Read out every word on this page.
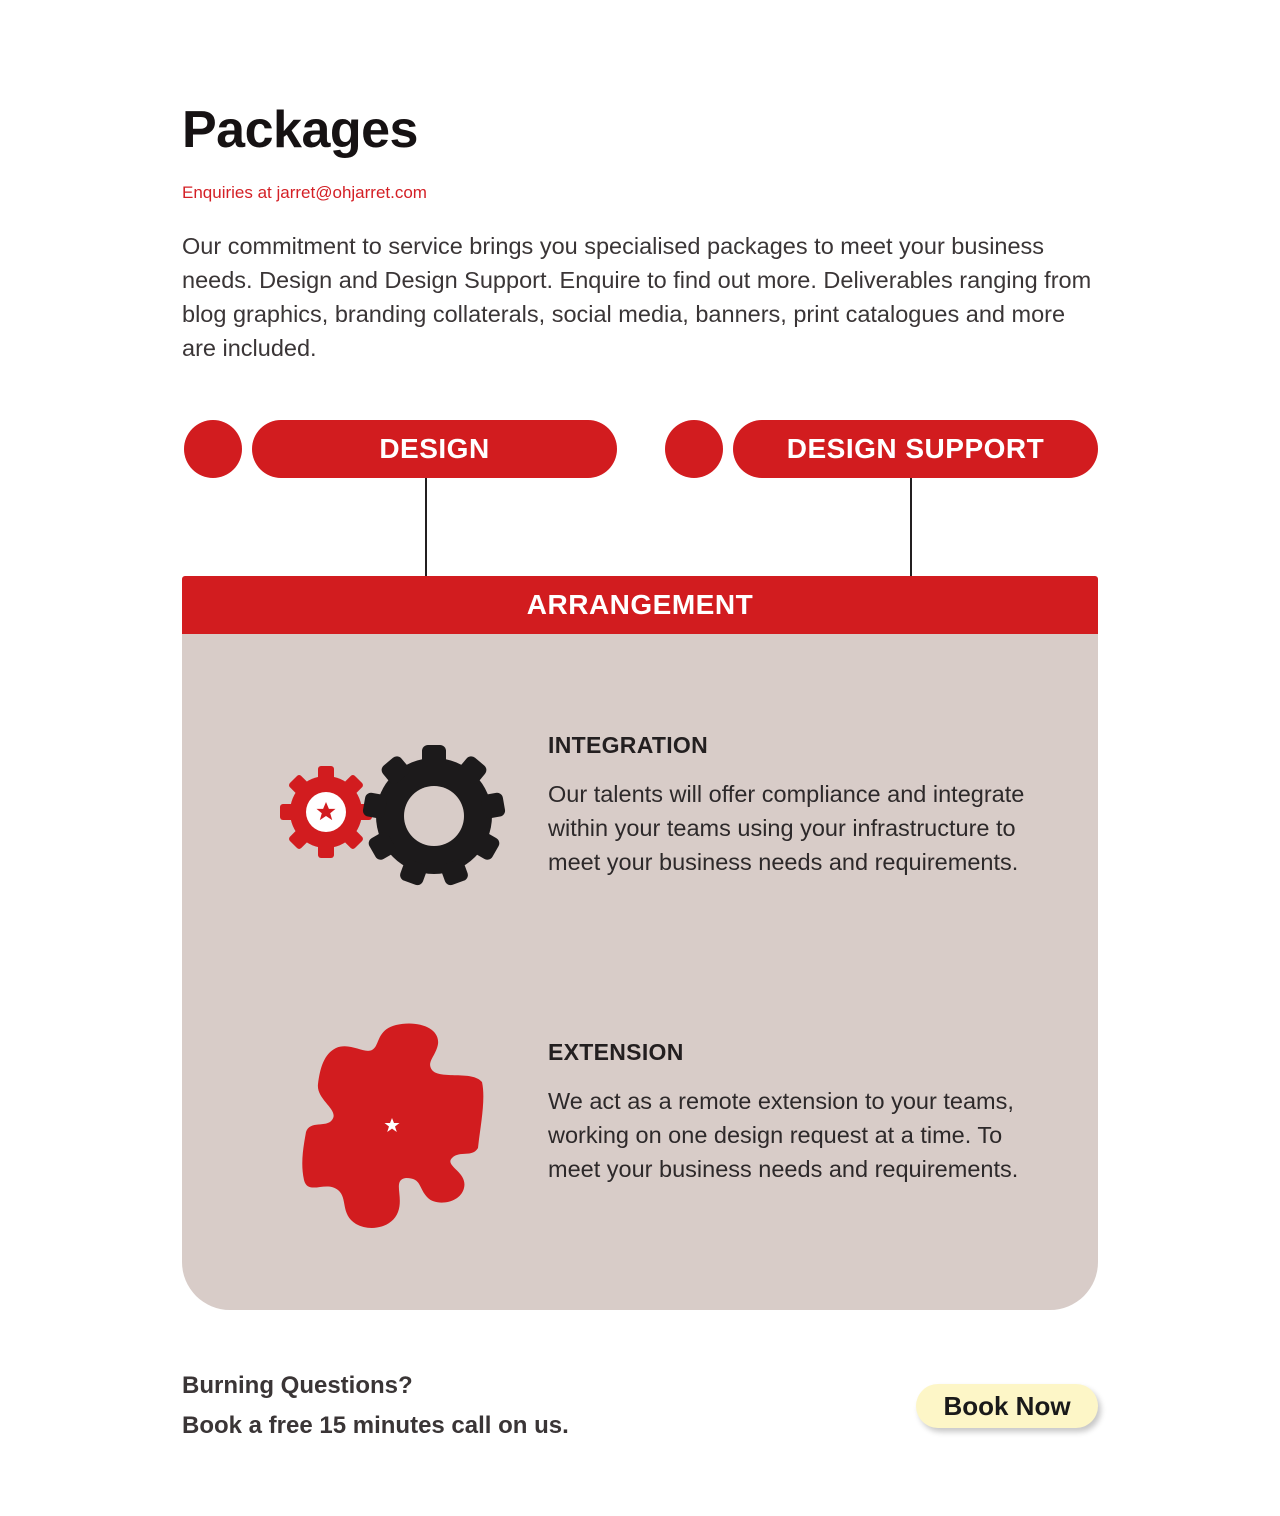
Packages
Enquiries at jarret@ohjarret.com

Our commitment to service brings you specialised packages to meet your business needs. Design and Design Support. Enquire to find out more. Deliverables ranging from blog graphics, branding collaterals, social media, banners, print catalogues and more are included.

DESIGN	DESIGN SUPPORT
ARRANGEMENT
INTEGRATION

Our talents will offer compliance and integrate within your teams using your infrastructure to meet your business needs and requirements.

EXTENSION

We act as a remote extension to your teams, working on one design request at a time. To meet your business needs and requirements.

Burning Questions?
Book a free 15 minutes call on us.
Book Now
